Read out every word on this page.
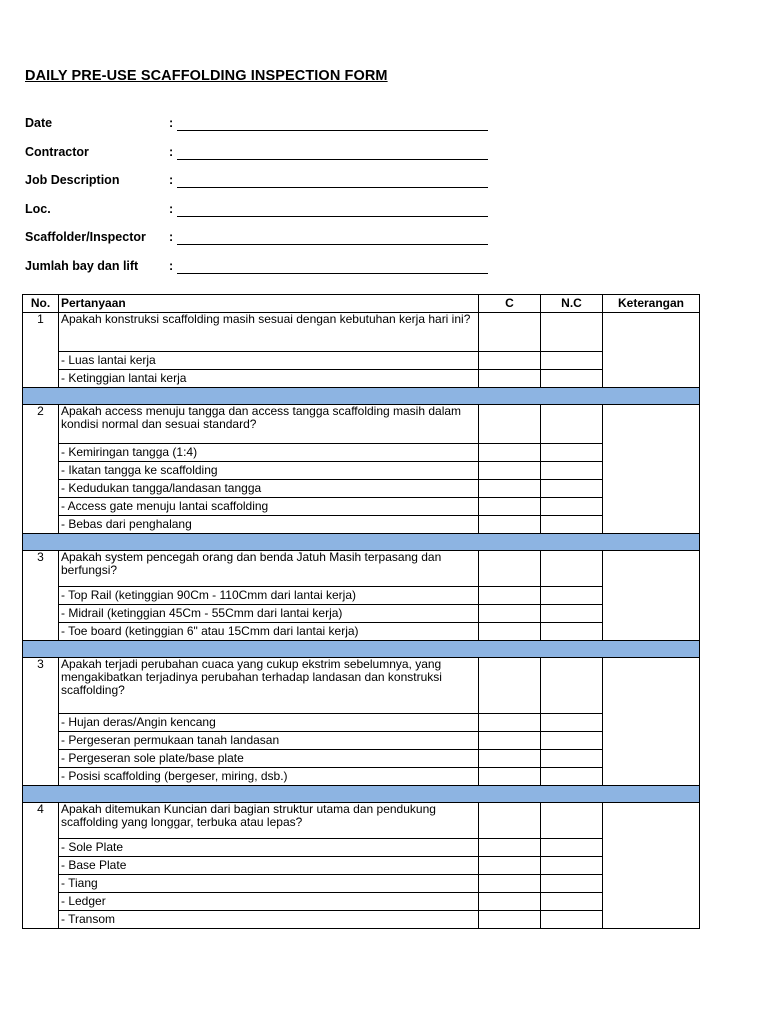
DAILY PRE-USE SCAFFOLDING INSPECTION FORM
Date	:
Contractor	:
Job Description	:
Loc.	:
Scaffolder/Inspector :
Jumlah bay dan lift :
No.	Pertanyaan	C	N.C	Keterangan
1	Apakah konstruksi scaffolding masih sesuai dengan kebutuhan kerja hari ini?			
	- Luas lantai kerja			
	- Ketinggian lantai kerja			

2	Apakah access menuju tangga dan access tangga scaffolding masih dalam kondisi normal dan sesuai standard?			
	- Kemiringan tangga (1:4)			
	- Ikatan tangga ke scaffolding			
	- Kedudukan tangga/landasan tangga			
	- Access gate menuju lantai scaffolding			
	- Bebas dari penghalang			

3	Apakah system pencegah orang dan benda Jatuh Masih terpasang dan berfungsi?			
	- Top Rail (ketinggian 90Cm - 110Cmm dari lantai kerja)			
	- Midrail (ketinggian 45Cm - 55Cmm dari lantai kerja)			
	- Toe board (ketinggian 6" atau 15Cmm dari lantai kerja)			

3	Apakah terjadi perubahan cuaca yang cukup ekstrim sebelumnya, yang mengakibatkan terjadinya perubahan terhadap landasan dan konstruksi scaffolding?			
	- Hujan deras/Angin kencang			
	- Pergeseran permukaan tanah landasan			
	- Pergeseran sole plate/base plate			
	- Posisi scaffolding (bergeser, miring, dsb.)			

4	Apakah ditemukan Kuncian dari bagian struktur utama dan pendukung scaffolding yang longgar, terbuka atau lepas?			
	- Sole Plate			
	- Base Plate			
	- Tiang			
	- Ledger			
	- Transom			
